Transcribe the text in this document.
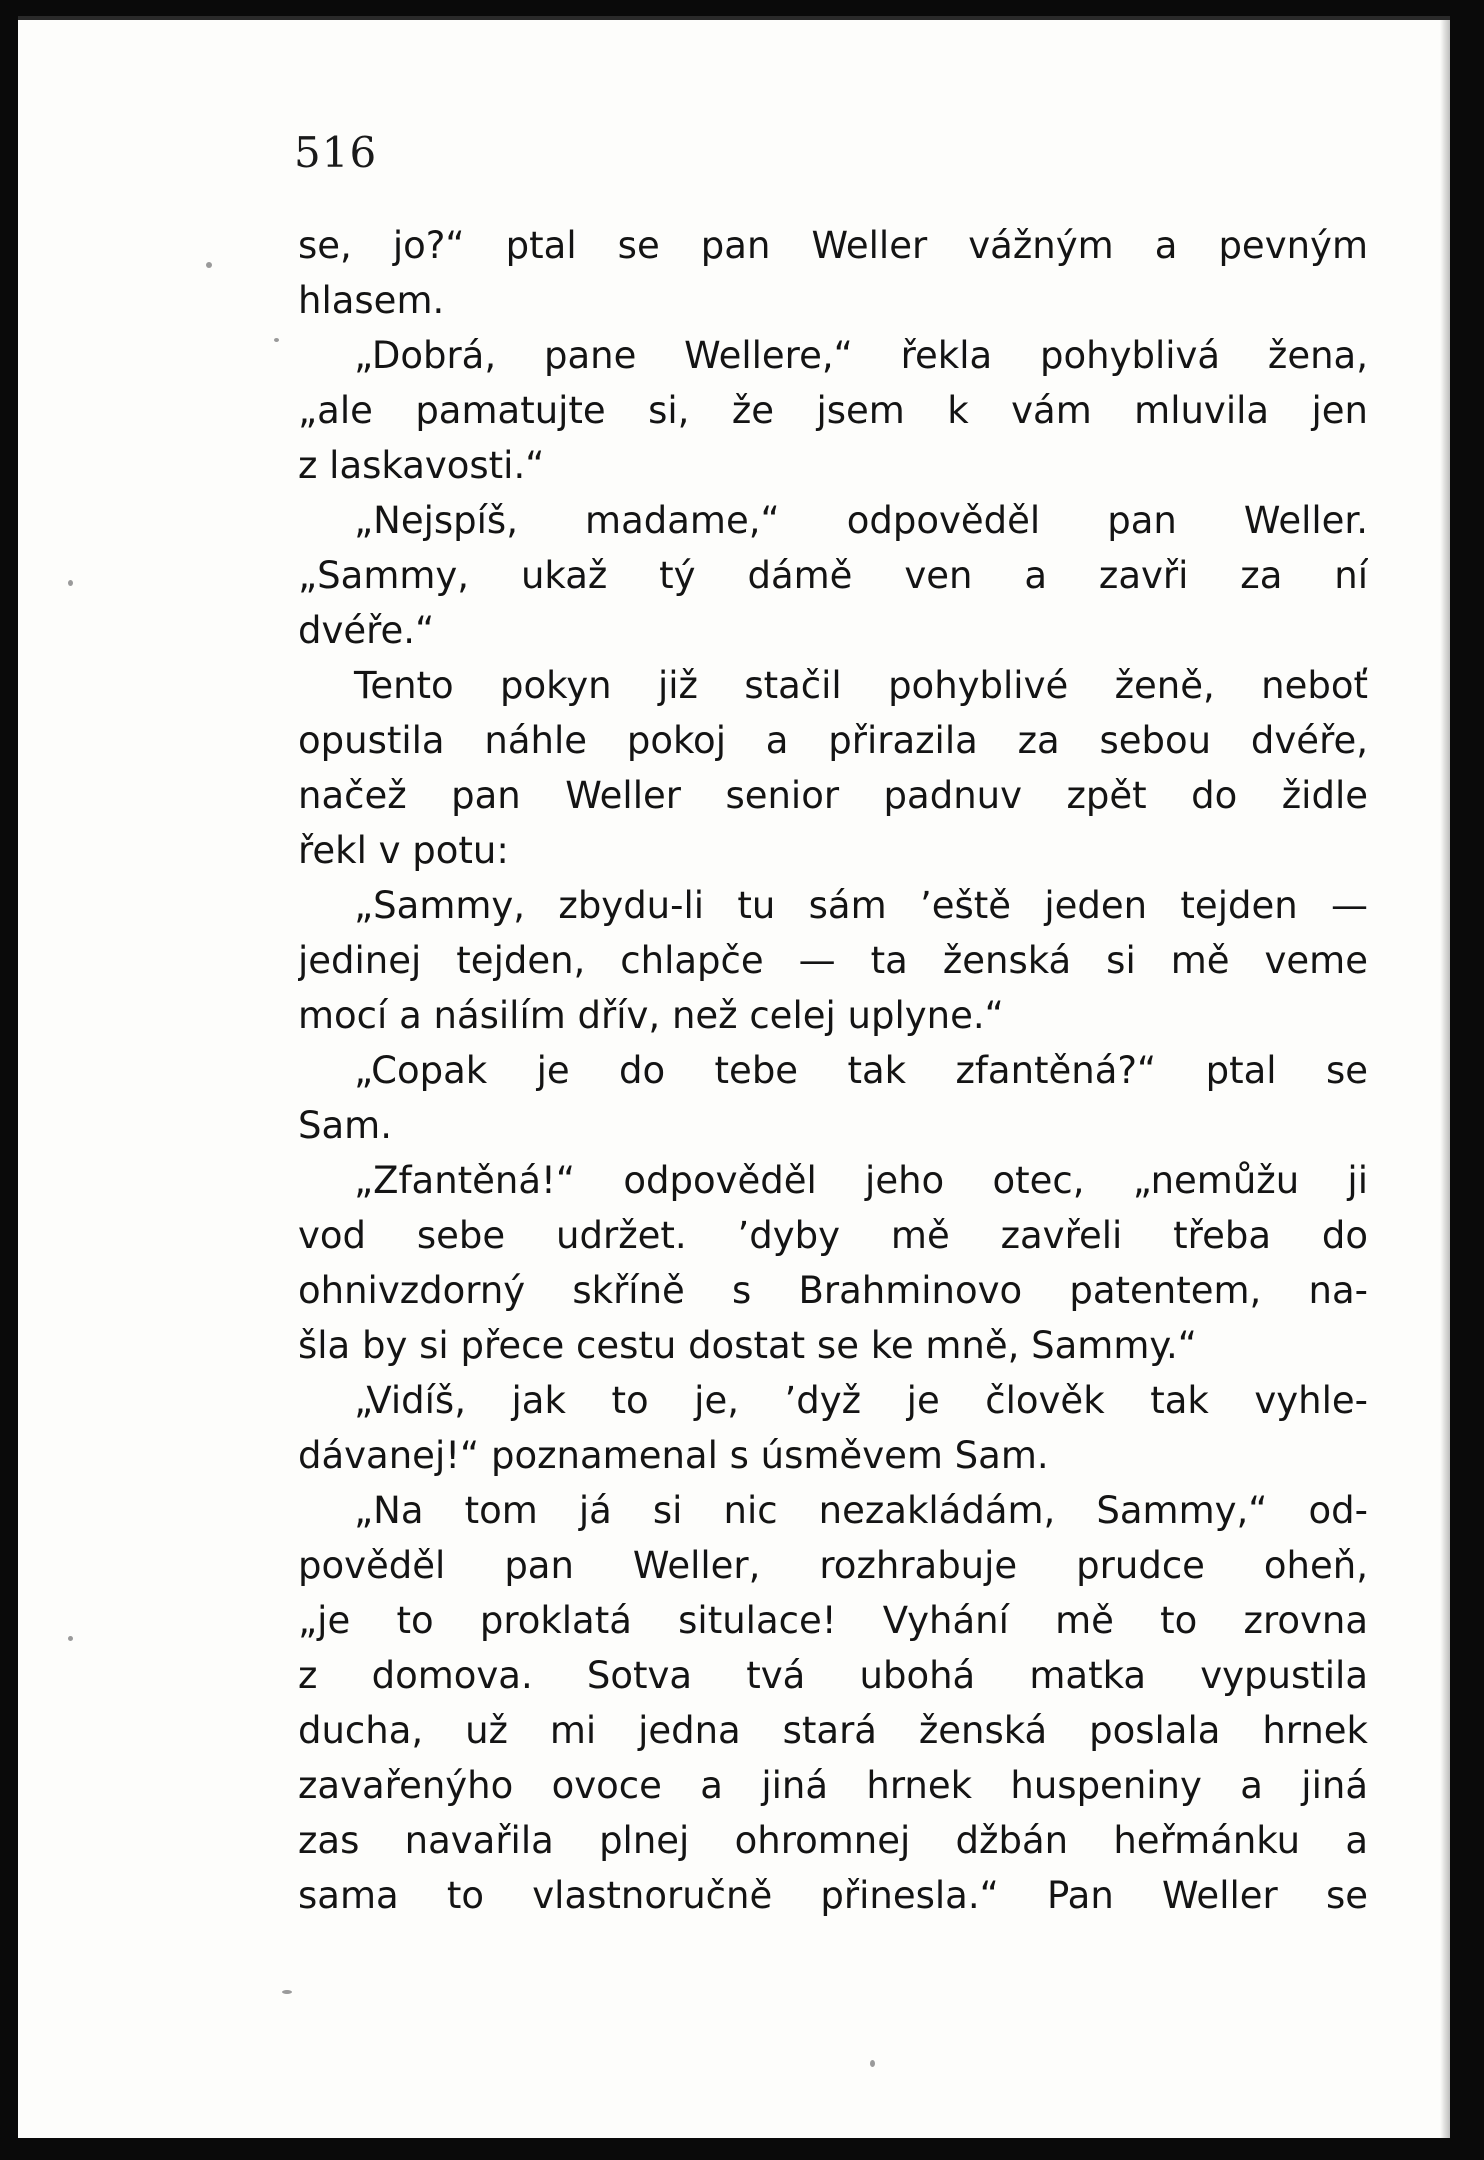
516
se, jo?“ ptal se pan Weller vážným a pevným
hlasem.
„Dobrá, pane Wellere,“ řekla pohyblivá žena,
„ale pamatujte si, že jsem k vám mluvila jen
z laskavosti.“
„Nejspíš, madame,“ odpověděl pan Weller.
„Sammy, ukaž tý dámě ven a zavři za ní
dvéře.“
Tento pokyn již stačil pohyblivé ženě, neboť
opustila náhle pokoj a přirazila za sebou dvéře,
načež pan Weller senior padnuv zpět do židle
řekl v potu:
„Sammy, zbydu-li tu sám ’eště jeden tejden —
jedinej tejden, chlapče — ta ženská si mě veme
mocí a násilím dřív, než celej uplyne.“
„Copak je do tebe tak zfantěná?“ ptal se
Sam.
„Zfantěná!“ odpověděl jeho otec, „nemůžu ji
vod sebe udržet. ’dyby mě zavřeli třeba do
ohnivzdorný skříně s Brahminovo patentem, na-
šla by si přece cestu dostat se ke mně, Sammy.“
„Vidíš, jak to je, ’dyž je člověk tak vyhle-
dávanej!“ poznamenal s úsměvem Sam.
„Na tom já si nic nezakládám, Sammy,“ od-
pověděl pan Weller, rozhrabuje prudce oheň,
„je to proklatá situlace! Vyhání mě to zrovna
z domova. Sotva tvá ubohá matka vypustila
ducha, už mi jedna stará ženská poslala hrnek
zavařenýho ovoce a jiná hrnek huspeniny a jiná
zas navařila plnej ohromnej džbán heřmánku a
sama to vlastnoručně přinesla.“ Pan Weller se
